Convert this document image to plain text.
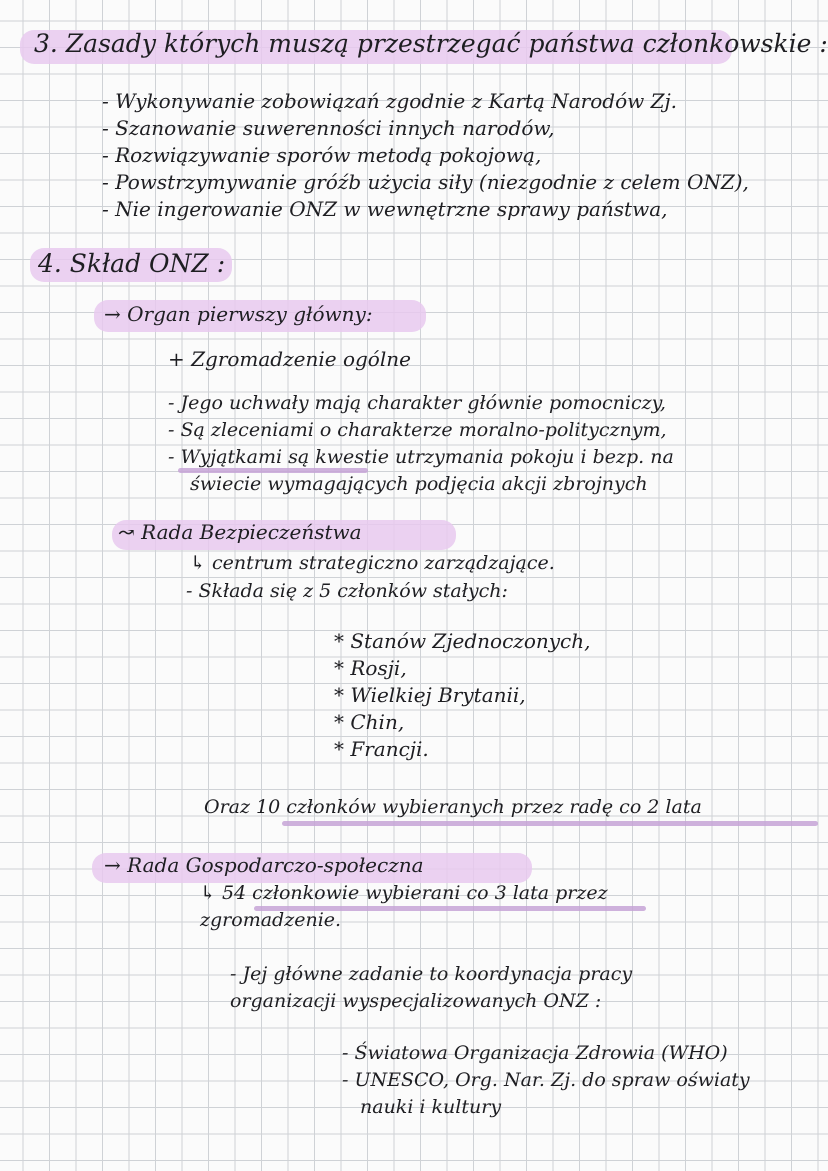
3. Zasady których muszą przestrzegać państwa członkowskie :
- Wykonywanie zobowiązań zgodnie z Kartą Narodów Zj.
- Szanowanie suwerenności innych narodów,
- Rozwiązywanie sporów metodą pokojową,
- Powstrzymywanie gróźb użycia siły (niezgodnie z celem ONZ),
- Nie ingerowanie ONZ w wewnętrzne sprawy państwa,
4. Skład ONZ :
→ Organ pierwszy główny:
+ Zgromadzenie ogólne
- Jego uchwały mają charakter głównie pomocniczy,
- Są zleceniami o charakterze moralno-politycznym,
- Wyjątkami są kwestie utrzymania pokoju i bezp. na
świecie wymagających podjęcia akcji zbrojnych
↝ Rada Bezpieczeństwa
↳ centrum strategiczno zarządzające.
- Składa się z 5 członków stałych:
* Stanów Zjednoczonych,
* Rosji,
* Wielkiej Brytanii,
* Chin,
* Francji.
Oraz 10 członków wybieranych przez radę co 2 lata
→ Rada Gospodarczo-społeczna
↳ 54 członkowie wybierani co 3 lata przez
zgromadzenie.
- Jej główne zadanie to koordynacja pracy
organizacji wyspecjalizowanych ONZ :
- Światowa Organizacja Zdrowia (WHO)
- UNESCO, Org. Nar. Zj. do spraw oświaty
nauki i kultury
